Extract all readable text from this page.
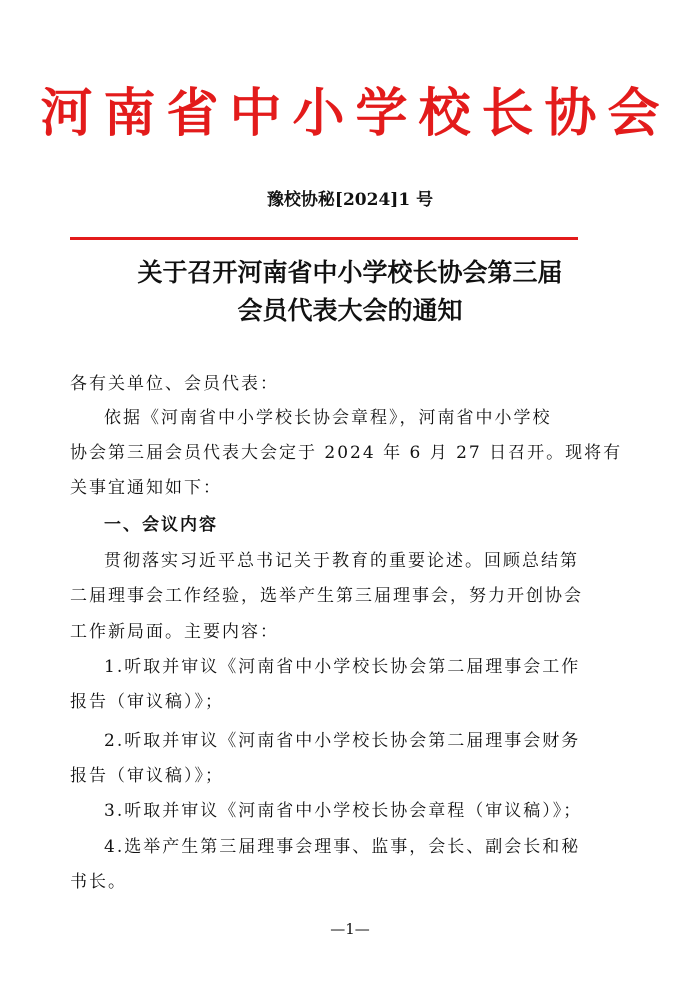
河南省中小学校长协会
豫校协秘[2024]1 号
关于召开河南省中小学校长协会第三届
会员代表大会的通知
各有关单位、会员代表：
依据《河南省中小学校长协会章程》，河南省中小学校
协会第三届会员代表大会定于 2024 年 6 月 27 日召开。现将有
关事宜通知如下：
一、会议内容
贯彻落实习近平总书记关于教育的重要论述。回顾总结第
二届理事会工作经验，选举产生第三届理事会，努力开创协会
工作新局面。主要内容：
1.听取并审议《河南省中小学校长协会第二届理事会工作
报告（审议稿）》；
2.听取并审议《河南省中小学校长协会第二届理事会财务
报告（审议稿）》；
3.听取并审议《河南省中小学校长协会章程（审议稿）》；
4.选举产生第三届理事会理事、监事，会长、副会长和秘
书长。
—1—
